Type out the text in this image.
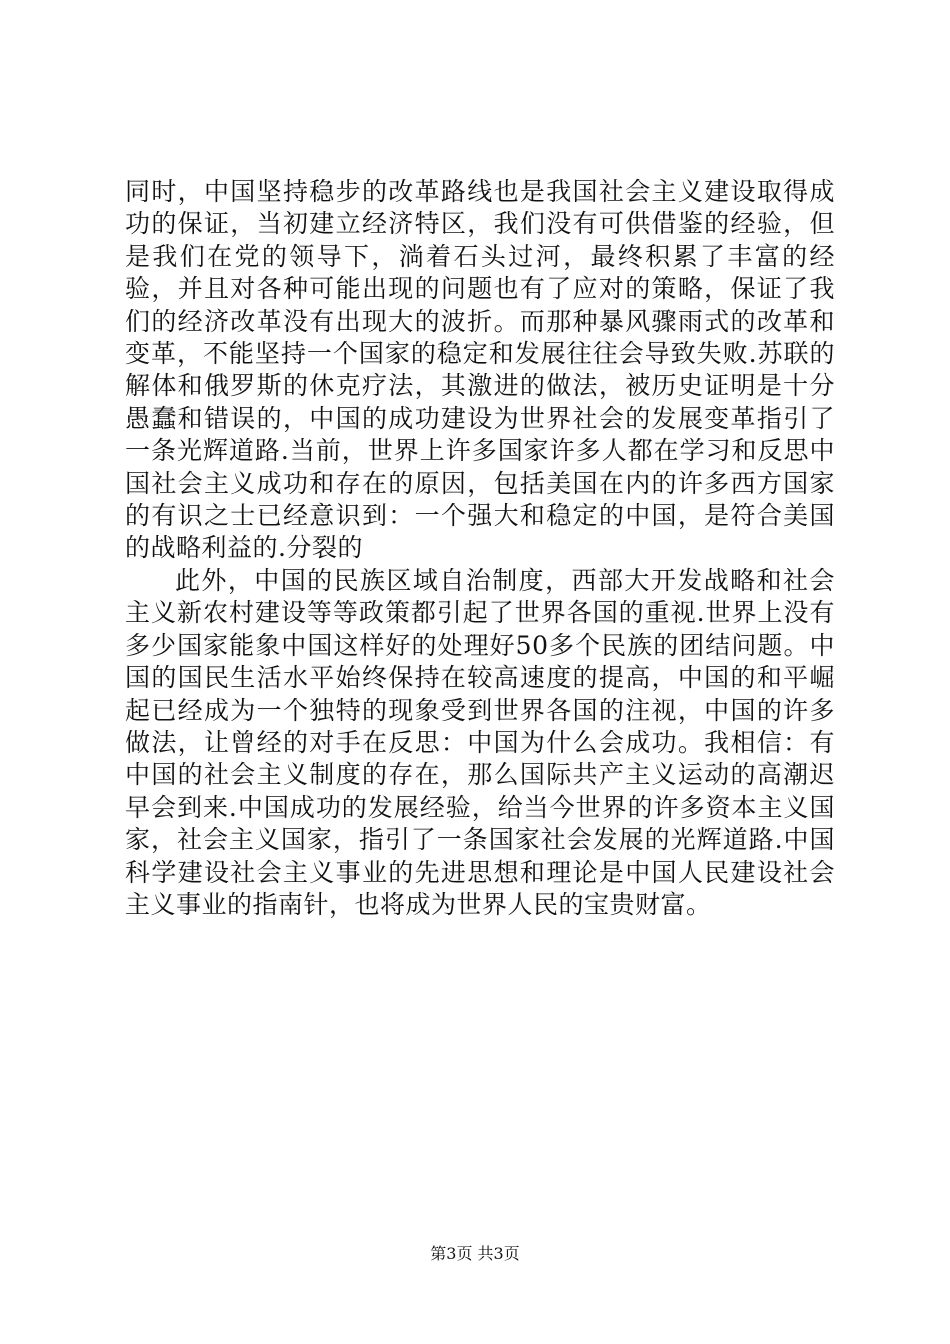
同时，中国坚持稳步的改革路线也是我国社会主义建设取得成功的保证，当初建立经济特区，我们没有可供借鉴的经验，但是我们在党的领导下，淌着石头过河，最终积累了丰富的经验，并且对各种可能出现的问题也有了应对的策略，保证了我们的经济改革没有出现大的波折。而那种暴风骤雨式的改革和变革，不能坚持一个国家的稳定和发展往往会导致失败.苏联的解体和俄罗斯的休克疗法，其激进的做法，被历史证明是十分愚蠢和错误的，中国的成功建设为世界社会的发展变革指引了一条光辉道路.当前，世界上许多国家许多人都在学习和反思中国社会主义成功和存在的原因，包括美国在内的许多西方国家的有识之士已经意识到：一个强大和稳定的中国，是符合美国的战略利益的.分裂的

此外，中国的民族区域自治制度，西部大开发战略和社会主义新农村建设等等政策都引起了世界各国的重视.世界上没有多少国家能象中国这样好的处理好50多个民族的团结问题。中国的国民生活水平始终保持在较高速度的提高，中国的和平崛起已经成为一个独特的现象受到世界各国的注视，中国的许多做法，让曾经的对手在反思：中国为什么会成功。我相信：有中国的社会主义制度的存在，那么国际共产主义运动的高潮迟早会到来.中国成功的发展经验，给当今世界的许多资本主义国家，社会主义国家，指引了一条国家社会发展的光辉道路.中国科学建设社会主义事业的先进思想和理论是中国人民建设社会主义事业的指南针，也将成为世界人民的宝贵财富。

第3页 共3页
